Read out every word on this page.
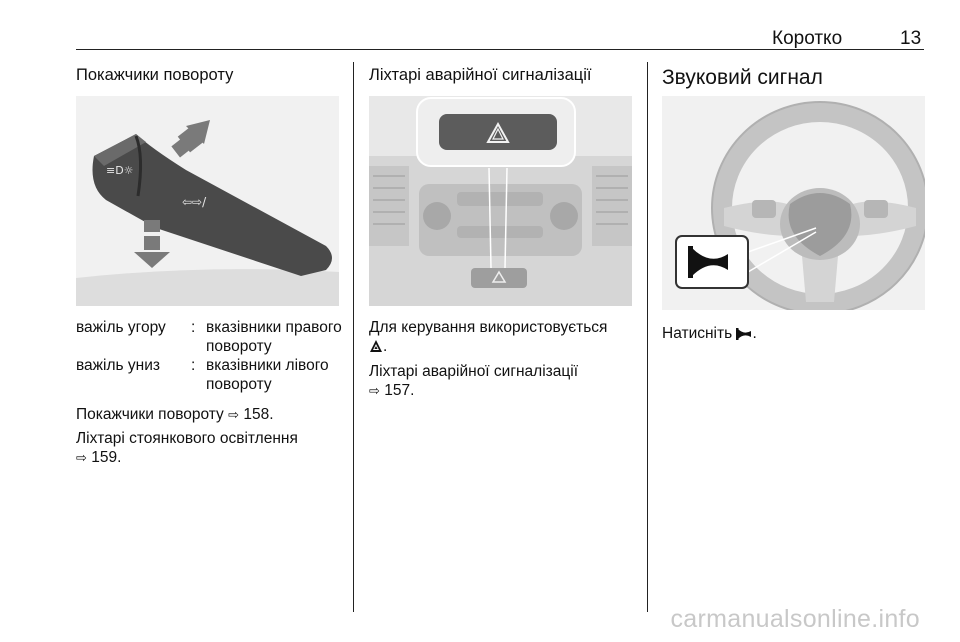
Коротко	13
Покажчики повороту
≡D☼
⇦⇨/
важіль угору	: вказівники правого повороту
важіль униз	: вказівники лівого повороту
Покажчики повороту ⇨ 158.
Ліхтарі стоянкового освітлення
⇨ 159.
Ліхтарі аварійної сигналізації
Для керування використовується
.
Ліхтарі аварійної сигналізації
⇨ 157.
Звуковий сигнал
Натисніть .
carmanualsonline.info
